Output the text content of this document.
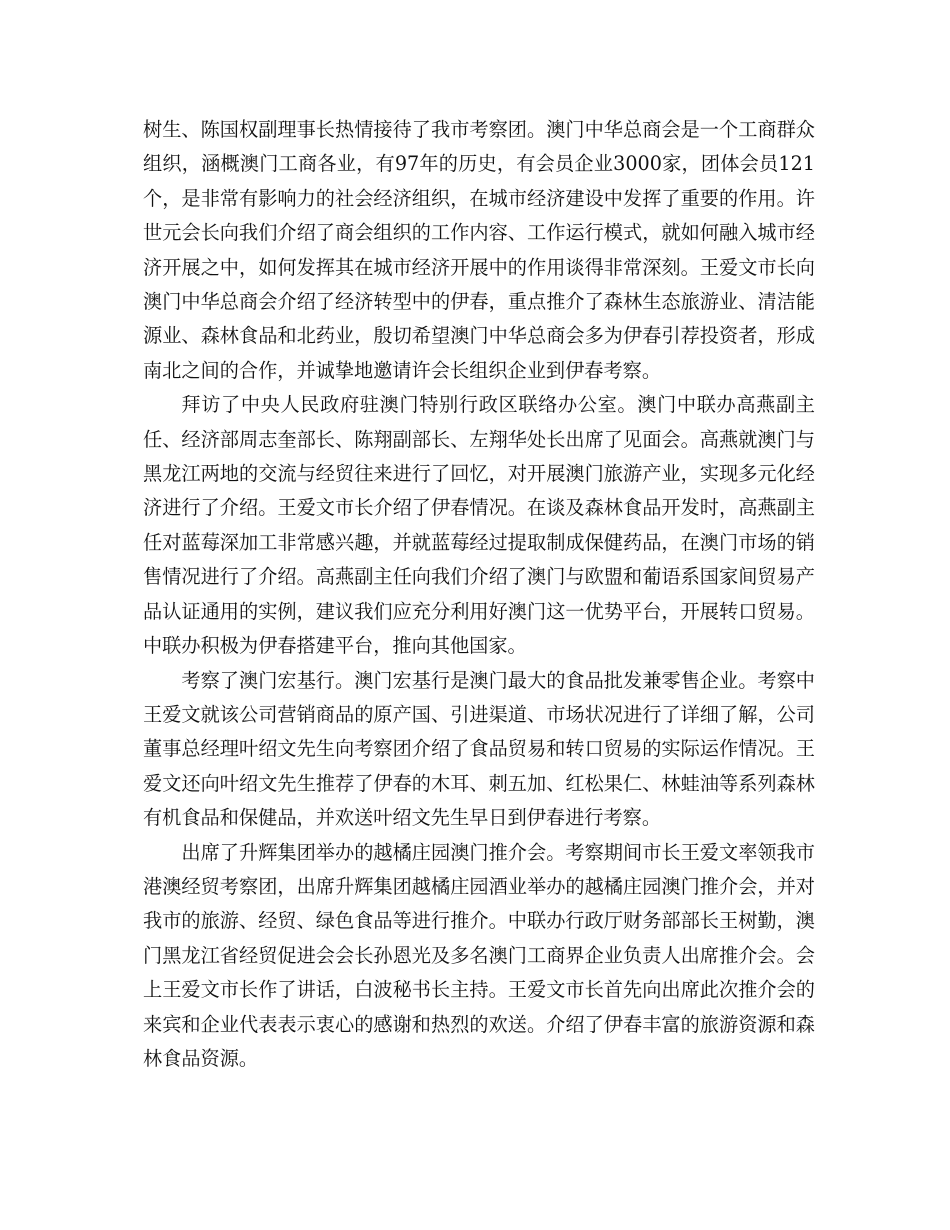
树生、陈国权副理事长热情接待了我市考察团。澳门中华总商会是一个工商群众组织，涵概澳门工商各业，有97年的历史，有会员企业3000家，团体会员121个，是非常有影响力的社会经济组织，在城市经济建设中发挥了重要的作用。许世元会长向我们介绍了商会组织的工作内容、工作运行模式，就如何融入城市经济开展之中，如何发挥其在城市经济开展中的作用谈得非常深刻。王爱文市长向澳门中华总商会介绍了经济转型中的伊春，重点推介了森林生态旅游业、清洁能源业、森林食品和北药业，殷切希望澳门中华总商会多为伊春引荐投资者，形成南北之间的合作，并诚挚地邀请许会长组织企业到伊春考察。

拜访了中央人民政府驻澳门特别行政区联络办公室。澳门中联办高燕副主任、经济部周志奎部长、陈翔副部长、左翔华处长出席了见面会。高燕就澳门与黑龙江两地的交流与经贸往来进行了回忆，对开展澳门旅游产业，实现多元化经济进行了介绍。王爱文市长介绍了伊春情况。在谈及森林食品开发时，高燕副主任对蓝莓深加工非常感兴趣，并就蓝莓经过提取制成保健药品，在澳门市场的销售情况进行了介绍。高燕副主任向我们介绍了澳门与欧盟和葡语系国家间贸易产品认证通用的实例，建议我们应充分利用好澳门这一优势平台，开展转口贸易。中联办积极为伊春搭建平台，推向其他国家。

考察了澳门宏基行。澳门宏基行是澳门最大的食品批发兼零售企业。考察中王爱文就该公司营销商品的原产国、引进渠道、市场状况进行了详细了解，公司董事总经理叶绍文先生向考察团介绍了食品贸易和转口贸易的实际运作情况。王爱文还向叶绍文先生推荐了伊春的木耳、刺五加、红松果仁、林蛙油等系列森林有机食品和保健品，并欢送叶绍文先生早日到伊春进行考察。

出席了升辉集团举办的越橘庄园澳门推介会。考察期间市长王爱文率领我市港澳经贸考察团，出席升辉集团越橘庄园酒业举办的越橘庄园澳门推介会，并对我市的旅游、经贸、绿色食品等进行推介。中联办行政厅财务部部长王树勤，澳门黑龙江省经贸促进会会长孙恩光及多名澳门工商界企业负责人出席推介会。会上王爱文市长作了讲话，白波秘书长主持。王爱文市长首先向出席此次推介会的来宾和企业代表表示衷心的感谢和热烈的欢送。介绍了伊春丰富的旅游资源和森林食品资源。
